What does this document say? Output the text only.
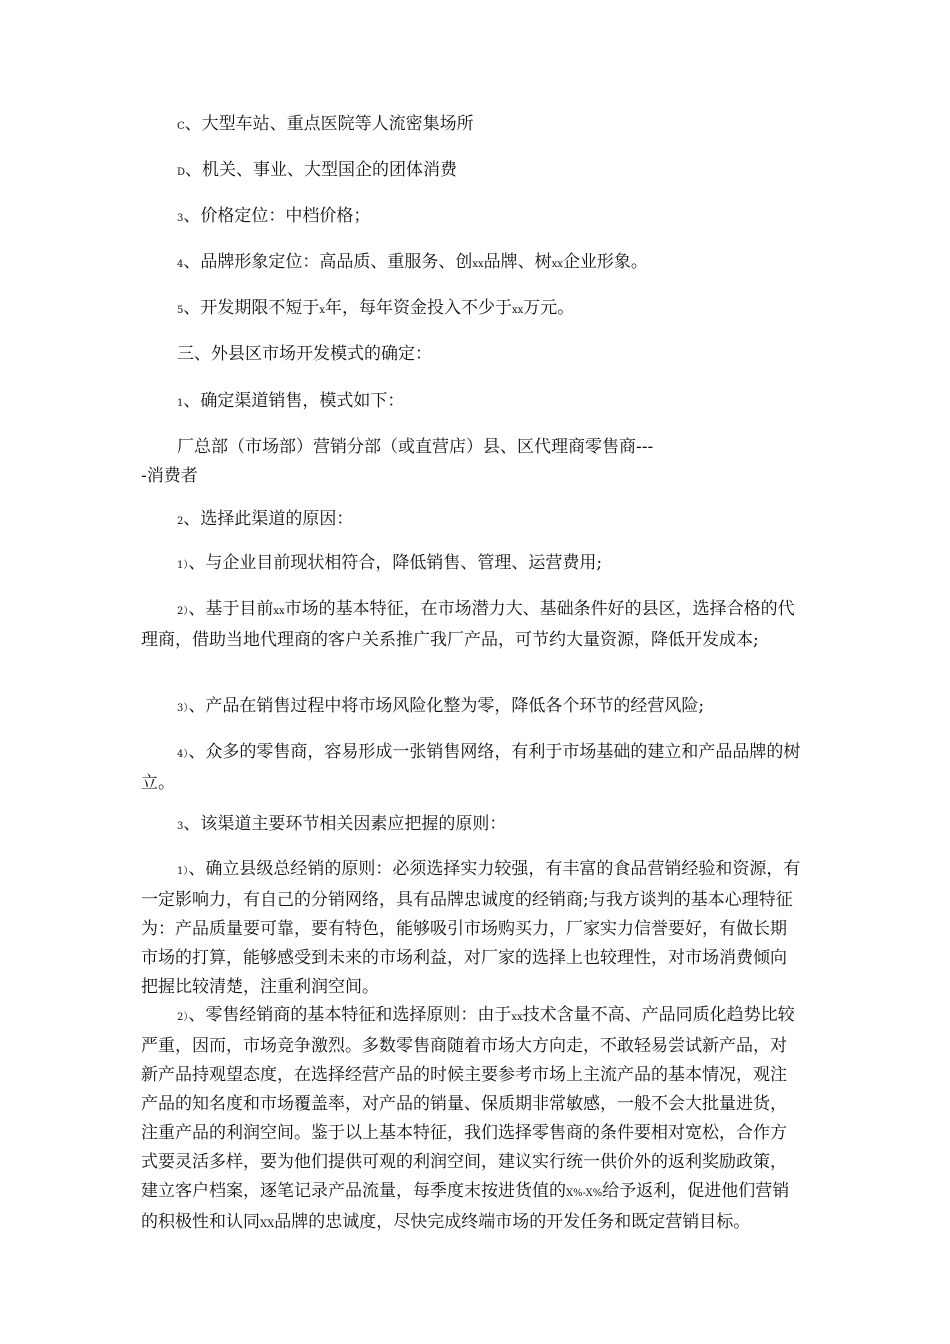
C、大型车站、重点医院等人流密集场所
D、机关、事业、大型国企的团体消费
3、价格定位：中档价格；
4、品牌形象定位：高品质、重服务、创xx品牌、树xx企业形象。
5、开发期限不短于x年，每年资金投入不少于xx万元。
三、外县区市场开发模式的确定：
1、确定渠道销售，模式如下：
厂总部（市场部）营销分部（或直营店）县、区代理商零售商---
-消费者
2、选择此渠道的原因：
1）、与企业目前现状相符合，降低销售、管理、运营费用;
2）、基于目前xx市场的基本特征，在市场潜力大、基础条件好的县区，选择合格的代理商，借助当地代理商的客户关系推广我厂产品，可节约大量资源，降低开发成本;
3）、产品在销售过程中将市场风险化整为零，降低各个环节的经营风险;
4）、众多的零售商，容易形成一张销售网络，有利于市场基础的建立和产品品牌的树立。
3、该渠道主要环节相关因素应把握的原则：
1）、确立县级总经销的原则：必须选择实力较强，有丰富的食品营销经验和资源，有一定影响力，有自己的分销网络，具有品牌忠诚度的经销商;与我方谈判的基本心理特征为：产品质量要可靠，要有特色，能够吸引市场购买力，厂家实力信誉要好，有做长期市场的打算，能够感受到未来的市场利益，对厂家的选择上也较理性，对市场消费倾向把握比较清楚，注重利润空间。
2）、零售经销商的基本特征和选择原则：由于xx技术含量不高、产品同质化趋势比较严重，因而，市场竞争激烈。多数零售商随着市场大方向走，不敢轻易尝试新产品，对新产品持观望态度，在选择经营产品的时候主要参考市场上主流产品的基本情况，观注产品的知名度和市场覆盖率，对产品的销量、保质期非常敏感，一般不会大批量进货，注重产品的利润空间。鉴于以上基本特征，我们选择零售商的条件要相对宽松，合作方式要灵活多样，要为他们提供可观的利润空间，建议实行统一供价外的返利奖励政策，建立客户档案，逐笔记录产品流量，每季度末按进货值的X%-X%给予返利，促进他们营销的积极性和认同XX品牌的忠诚度，尽快完成终端市场的开发任务和既定营销目标。
